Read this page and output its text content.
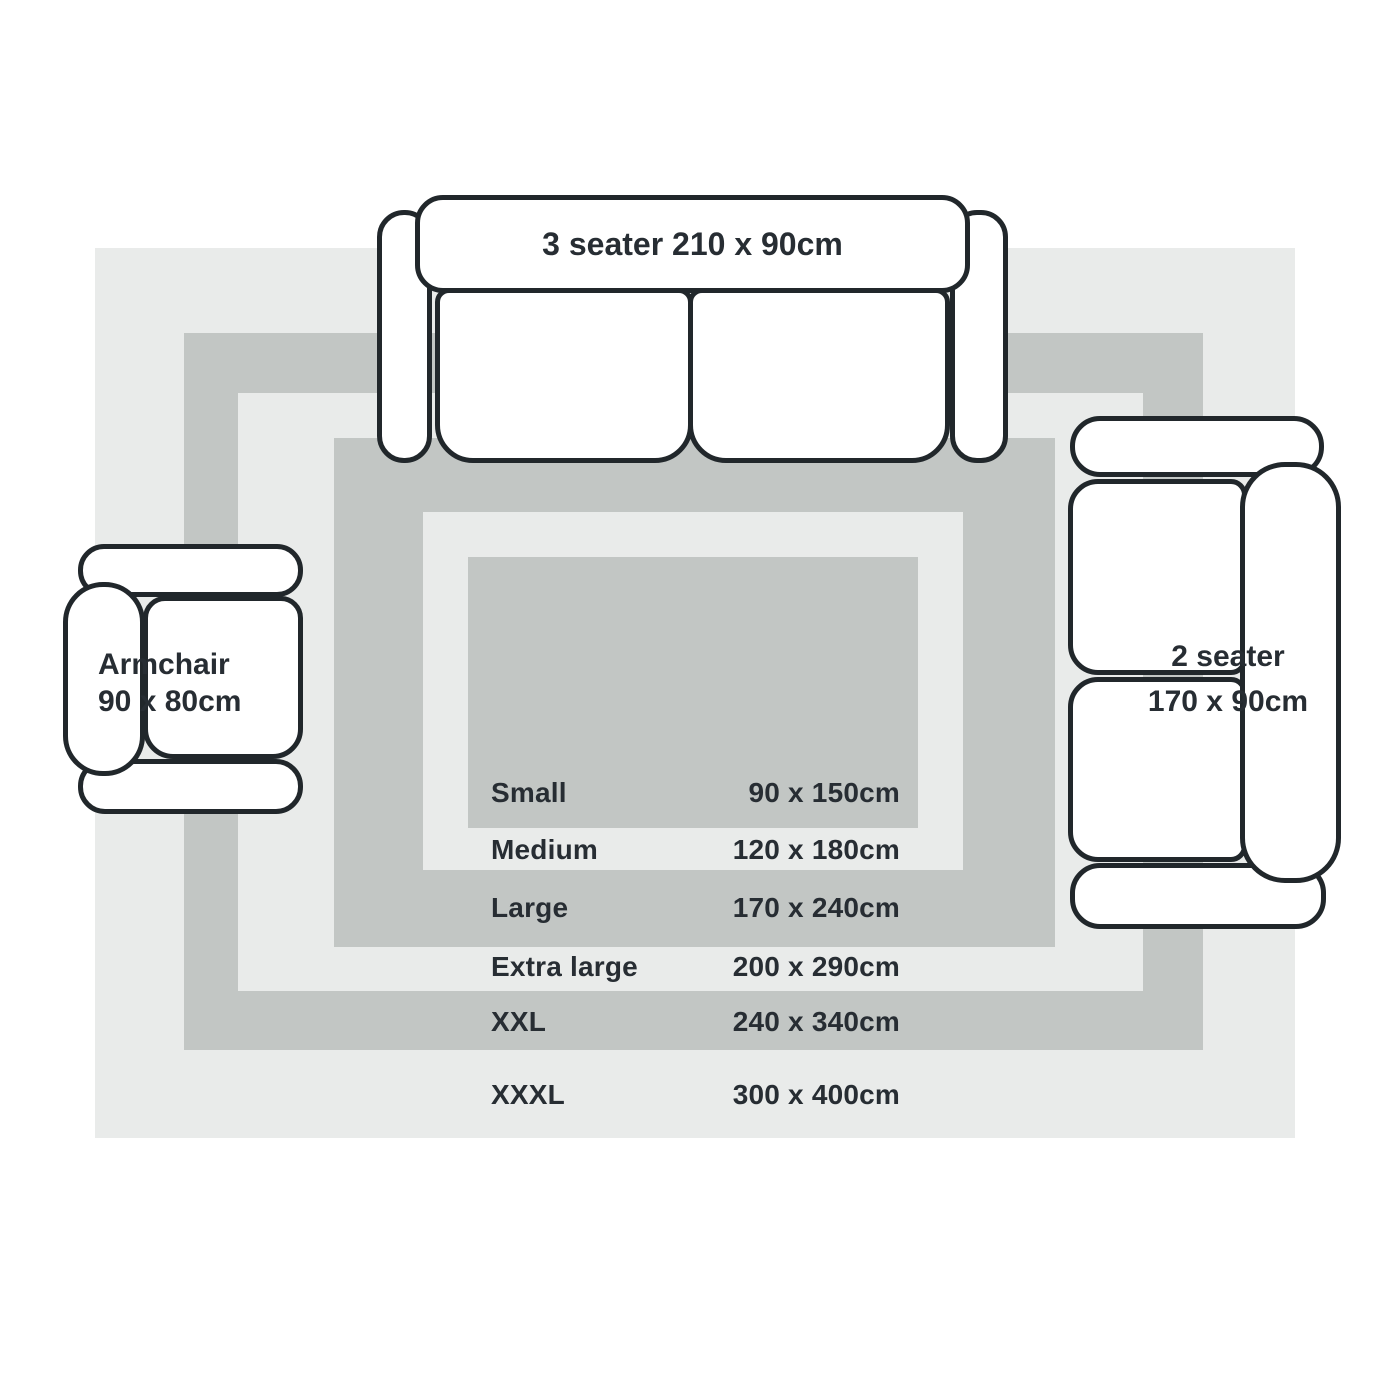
Small	90 x 150cm
Medium	120 x 180cm
Large	170 x 240cm
Extra large	200 x 290cm
XXL	240 x 340cm
XXXL	300 x 400cm
3 seater 210 x 90cm
2 seater
170 x 90cm
Armchair
90 x 80cm
